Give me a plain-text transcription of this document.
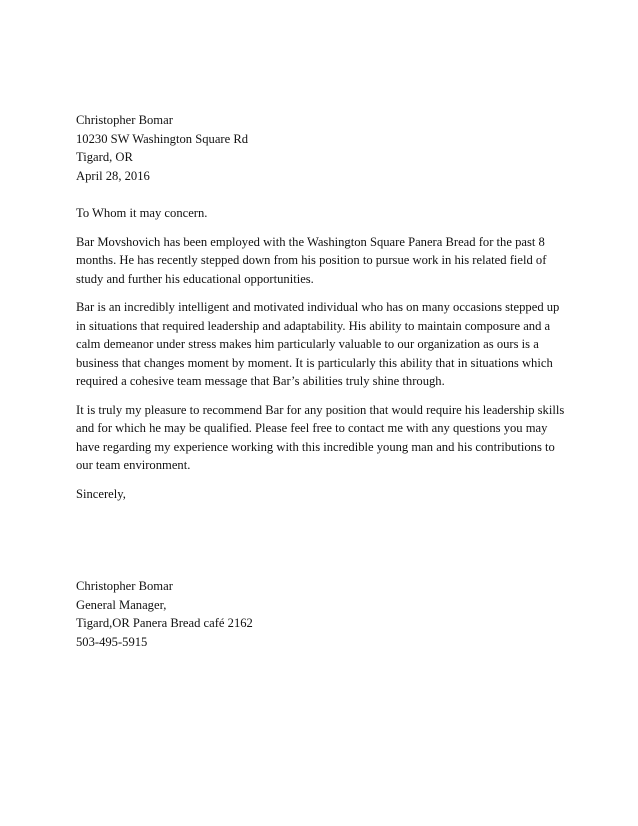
Christopher Bomar
10230 SW Washington Square Rd
Tigard, OR
April 28, 2016
To Whom it may concern.
Bar Movshovich has been employed with the Washington Square Panera Bread for the past 8
months. He has recently stepped down from his position to pursue work in his related field of
study and further his educational opportunities.
Bar is an incredibly intelligent and motivated individual who has on many occasions stepped up
in situations that required leadership and adaptability. His ability to maintain composure and a
calm demeanor under stress makes him particularly valuable to our organization as ours is a
business that changes moment by moment. It is particularly this ability that in situations which
required a cohesive team message that Bar’s abilities truly shine through.
It is truly my pleasure to recommend Bar for any position that would require his leadership skills
and for which he may be qualified. Please feel free to contact me with any questions you may
have regarding my experience working with this incredible young man and his contributions to
our team environment.
Sincerely,
Christopher Bomar
General Manager,
Tigard,OR Panera Bread café 2162
503-495-5915
